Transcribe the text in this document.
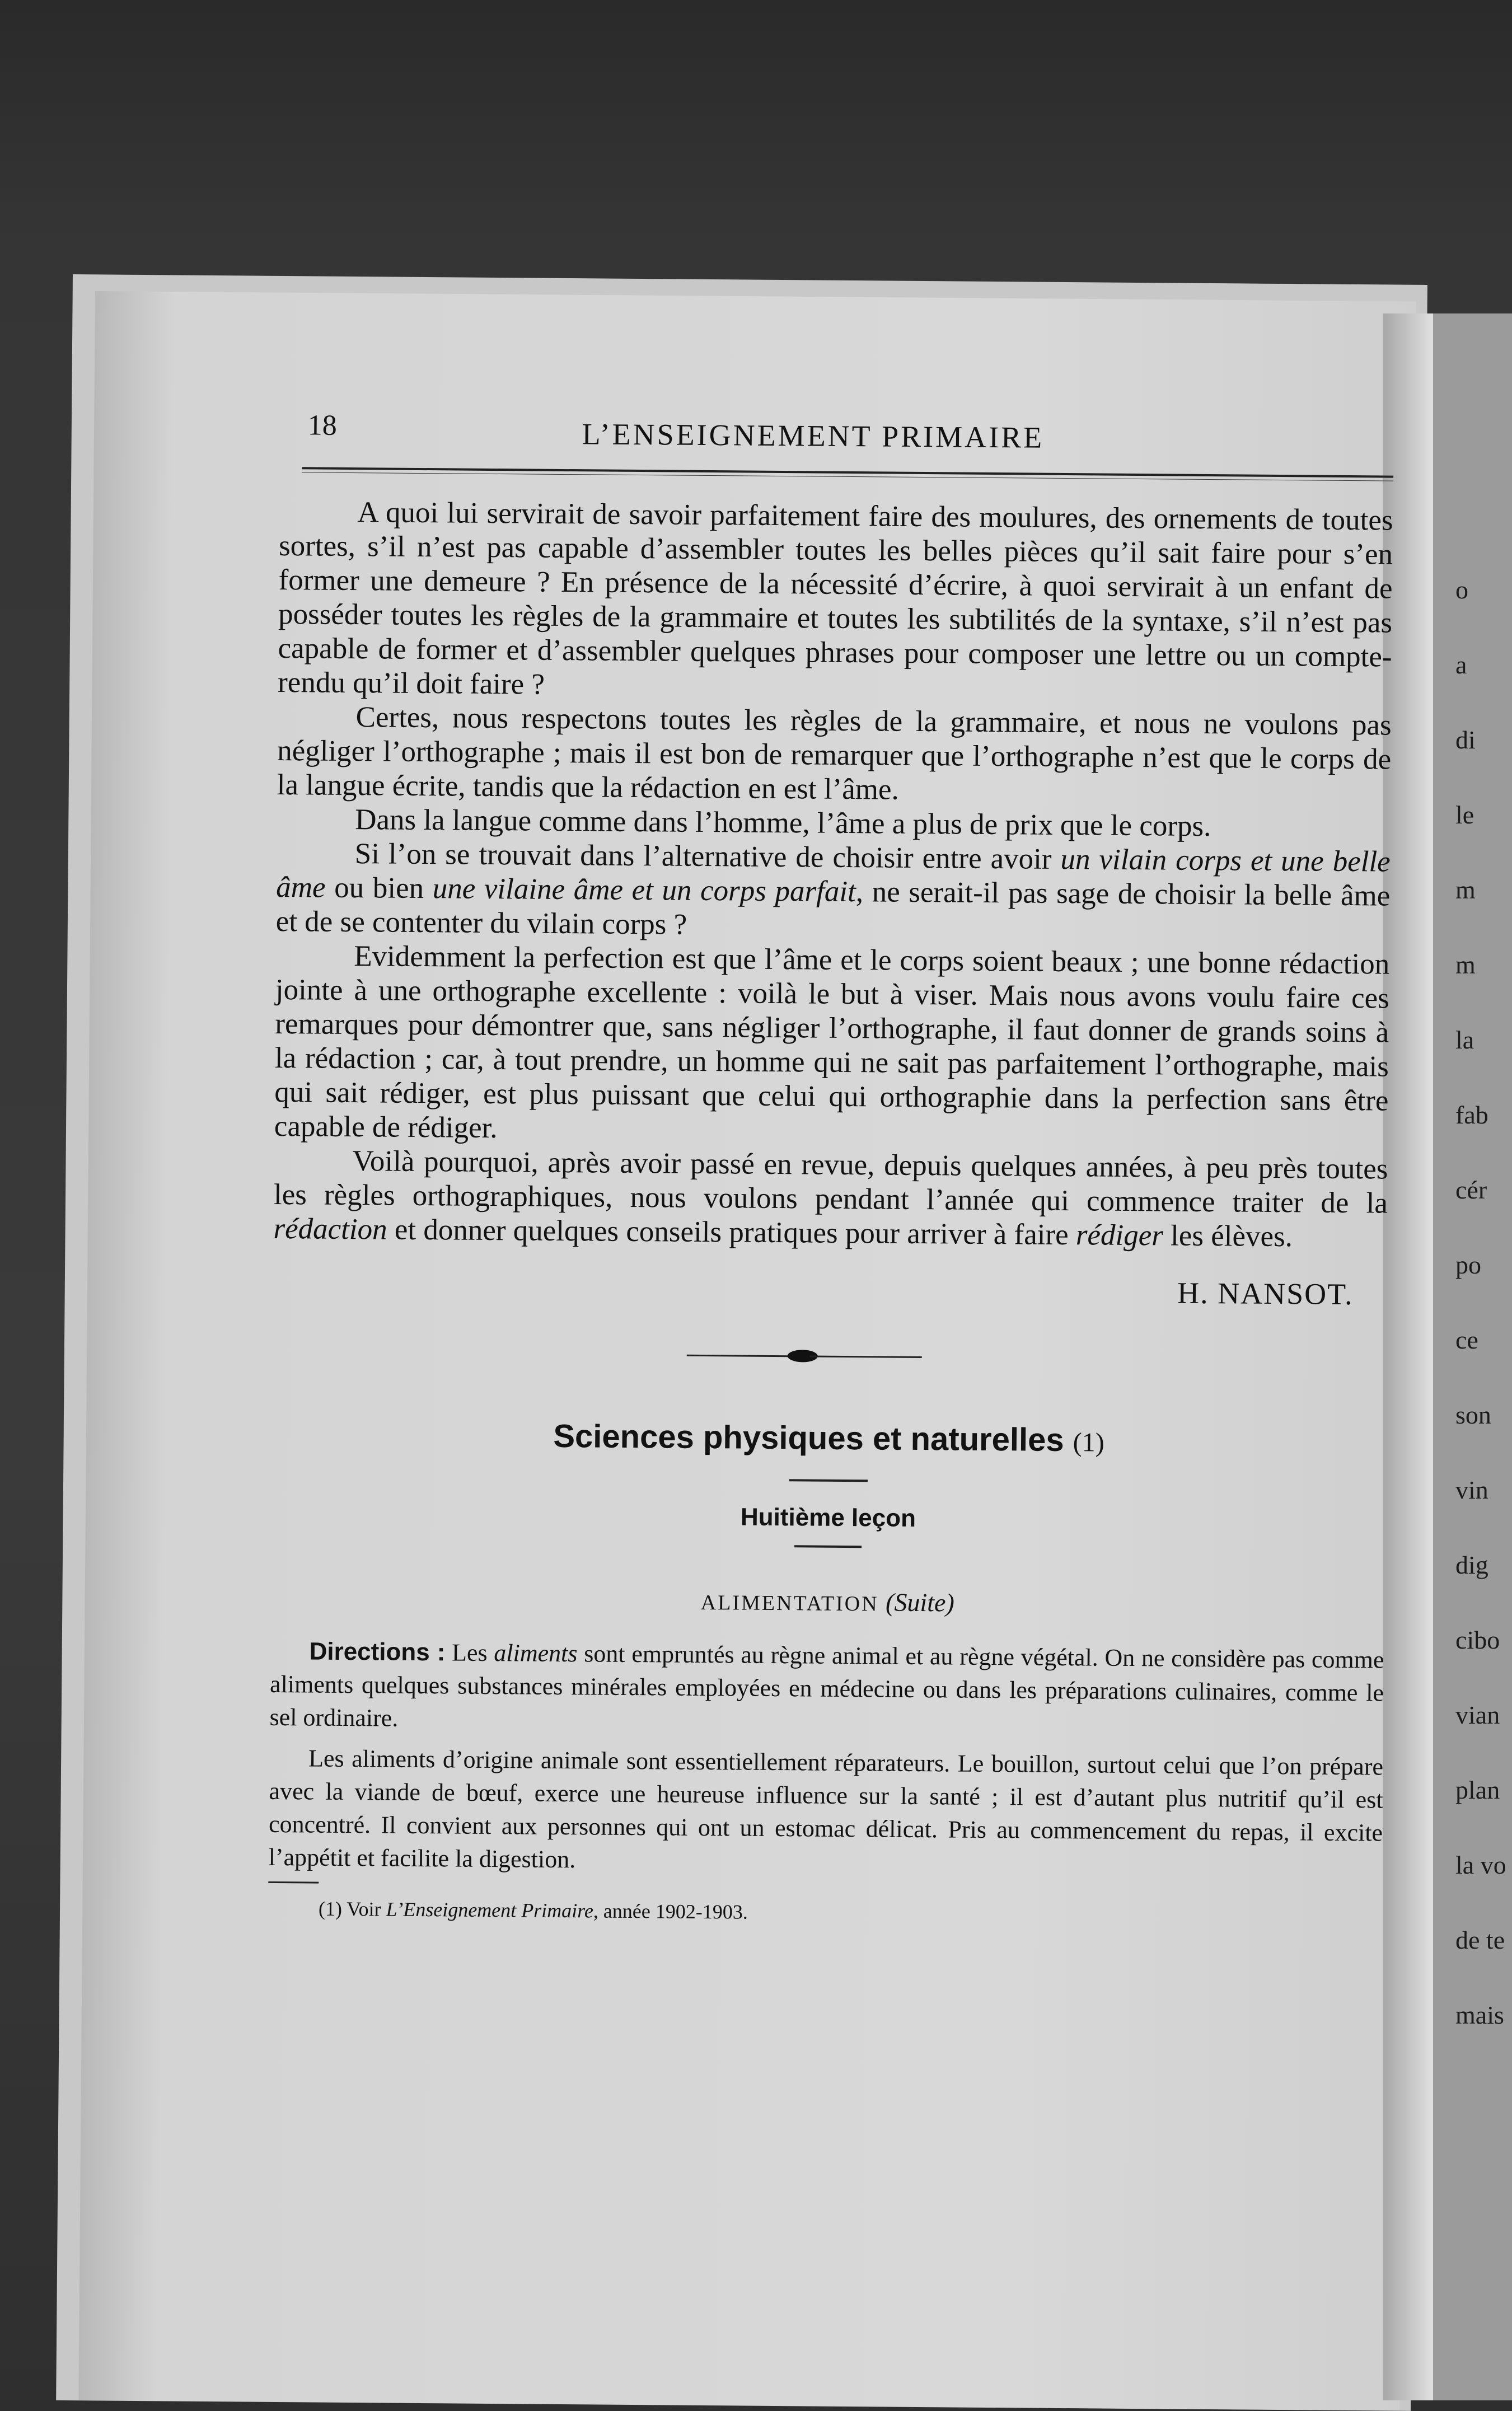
o
a
di
le
m
m
la
fab
cér
po
ce
son
vin
dig
cibo
vian
plan
la vo
de te
mais
18	L’ENSEIGNEMENT PRIMAIRE

A quoi lui servirait de savoir parfaitement faire des moulures, des ornements de toutes sortes, s’il n’est pas capable d’assembler toutes les belles pièces qu’il sait faire pour s’en former une demeure ? En présence de la nécessité d’écrire, à quoi servirait à un enfant de posséder toutes les règles de la grammaire et toutes les subtilités de la syntaxe, s’il n’est pas capable de former et d’assembler quelques phrases pour composer une lettre ou un compte-rendu qu’il doit faire ?

Certes, nous respectons toutes les règles de la grammaire, et nous ne voulons pas négliger l’orthographe ; mais il est bon de remarquer que l’orthographe n’est que le corps de la langue écrite, tandis que la rédaction en est l’âme.

Dans la langue comme dans l’homme, l’âme a plus de prix que le corps.

Si l’on se trouvait dans l’alternative de choisir entre avoir un vilain corps et une belle âme ou bien une vilaine âme et un corps parfait, ne serait-il pas sage de choisir la belle âme et de se contenter du vilain corps ?

Evidemment la perfection est que l’âme et le corps soient beaux ; une bonne rédaction jointe à une orthographe excellente : voilà le but à viser. Mais nous avons voulu faire ces remarques pour démontrer que, sans négliger l’orthographe, il faut donner de grands soins à la rédaction ; car, à tout prendre, un homme qui ne sait pas parfaitement l’orthographe, mais qui sait rédiger, est plus puissant que celui qui orthographie dans la perfection sans être capable de rédiger.

Voilà pourquoi, après avoir passé en revue, depuis quelques années, à peu près toutes les règles orthographiques, nous voulons pendant l’année qui commence traiter de la rédaction et donner quelques conseils pratiques pour arriver à faire rédiger les élèves.

H. NANSOT.
Sciences physiques et naturelles (1)
Huitième leçon
ALIMENTATION (Suite)

Directions : Les aliments sont empruntés au règne animal et au règne végétal. On ne considère pas comme aliments quelques substances minérales employées en médecine ou dans les préparations culinaires, comme le sel ordinaire.

Les aliments d’origine animale sont essentiellement réparateurs. Le bouillon, surtout celui que l’on prépare avec la viande de bœuf, exerce une heureuse influence sur la santé ; il est d’autant plus nutritif qu’il est concentré. Il convient aux personnes qui ont un estomac délicat. Pris au commencement du repas, il excite l’appétit et facilite la digestion.

(1) Voir L’Enseignement Primaire, année 1902-1903.
